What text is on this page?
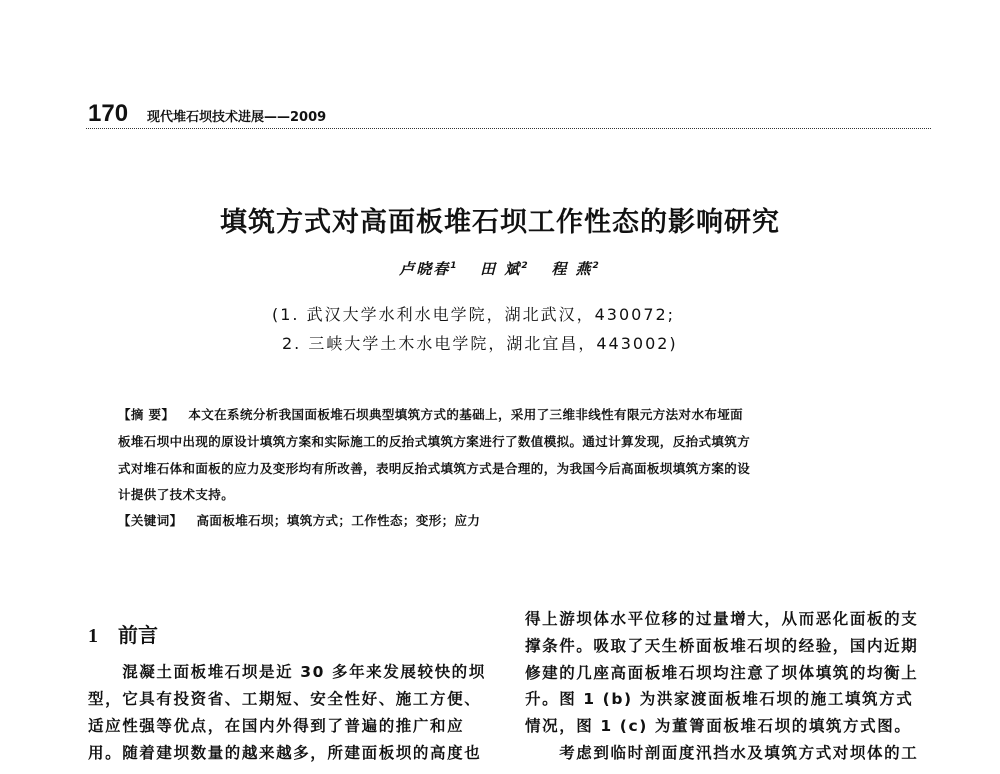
170 现代堆石坝技术进展——2009
填筑方式对高面板堆石坝工作性态的影响研究
卢晓春$^1$ 田 斌$^2$ 程 燕$^2$
(1. 武汉大学水利水电学院，湖北武汉，430072;
2. 三峡大学土木水电学院，湖北宜昌，443002)
【摘 要】 本文在系统分析我国面板堆石坝典型填筑方式的基础上，采用了三维非线性有限元方法对水布垭面
板堆石坝中出现的原设计填筑方案和实际施工的反抬式填筑方案进行了数值模拟。通过计算发现，反抬式填筑方
式对堆石体和面板的应力及变形均有所改善，表明反抬式填筑方式是合理的，为我国今后高面板坝填筑方案的设
计提供了技术支持。
【关键词】 高面板堆石坝；填筑方式；工作性态；变形；应力
1 前言
　　混凝土面板堆石坝是近 30 多年来发展较快的坝
型，它具有投资省、工期短、安全性好、施工方便、
适应性强等优点，在国内外得到了普遍的推广和应
用。随着建坝数量的越来越多，所建面板坝的高度也
得上游坝体水平位移的过量增大，从而恶化面板的支
撑条件。吸取了天生桥面板堆石坝的经验，国内近期
修建的几座高面板堆石坝均注意了坝体填筑的均衡上
升。图 1 (b) 为洪家渡面板堆石坝的施工填筑方式
情况，图 1 (c) 为董箐面板堆石坝的填筑方式图。
　　考虑到临时剖面度汛挡水及填筑方式对坝体的工
